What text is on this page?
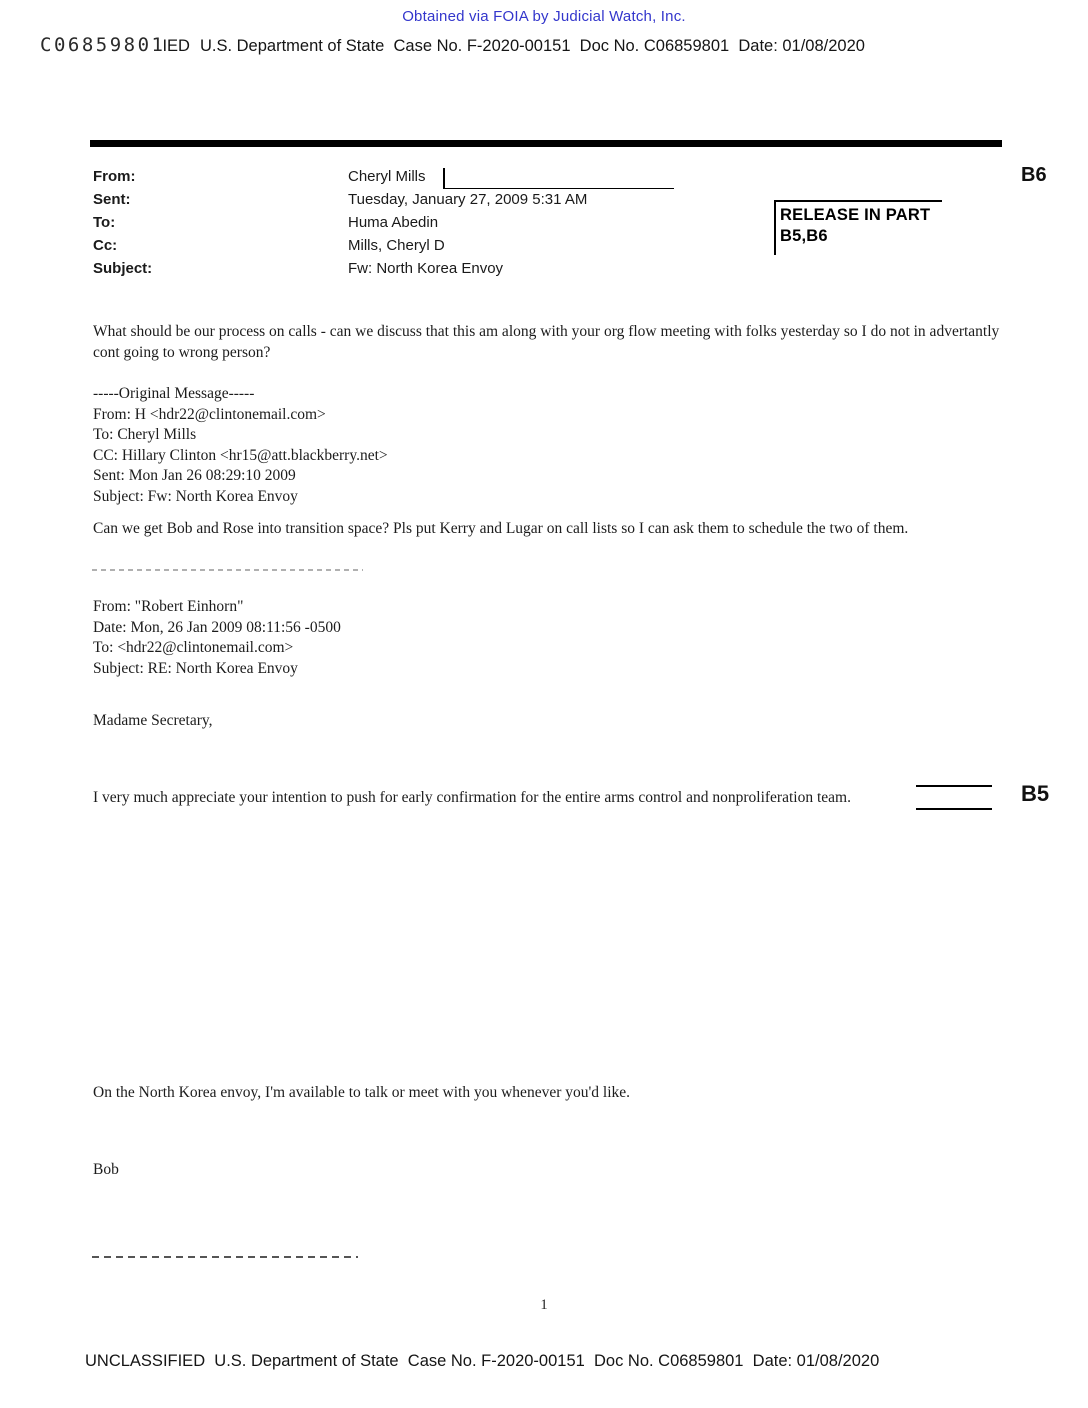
Obtained via FOIA by Judicial Watch, Inc.
C06859801IED U.S. Department of State  Case No. F-2020-00151  Doc No. C06859801  Date: 01/08/2020
B6
RELEASE IN PART
B5,B6
From:	Cheryl Mills
Sent:	Tuesday, January 27, 2009 5:31 AM
To:	Huma Abedin
Cc:	Mills, Cheryl D
Subject:	Fw: North Korea Envoy
What should be our process on calls - can we discuss that this am along with your org flow meeting with folks yesterday so I do not in advertantly cont going to wrong person?
-----Original Message-----
From: H <hdr22@clintonemail.com>
To: Cheryl Mills
CC: Hillary Clinton <hr15@att.blackberry.net>
Sent: Mon Jan 26 08:29:10 2009
Subject: Fw: North Korea Envoy
Can we get Bob and Rose into transition space? Pls put Kerry and Lugar on call lists so I can ask them to schedule the two of them.
From: "Robert Einhorn"
Date: Mon, 26 Jan 2009 08:11:56 -0500
To: <hdr22@clintonemail.com>
Subject: RE: North Korea Envoy
Madame Secretary,
I very much appreciate your intention to push for early confirmation for the entire arms control and nonproliferation team.	B5
On the North Korea envoy, I'm available to talk or meet with you whenever you'd like.
Bob
1
UNCLASSIFIED  U.S. Department of State  Case No. F-2020-00151  Doc No. C06859801  Date: 01/08/2020
